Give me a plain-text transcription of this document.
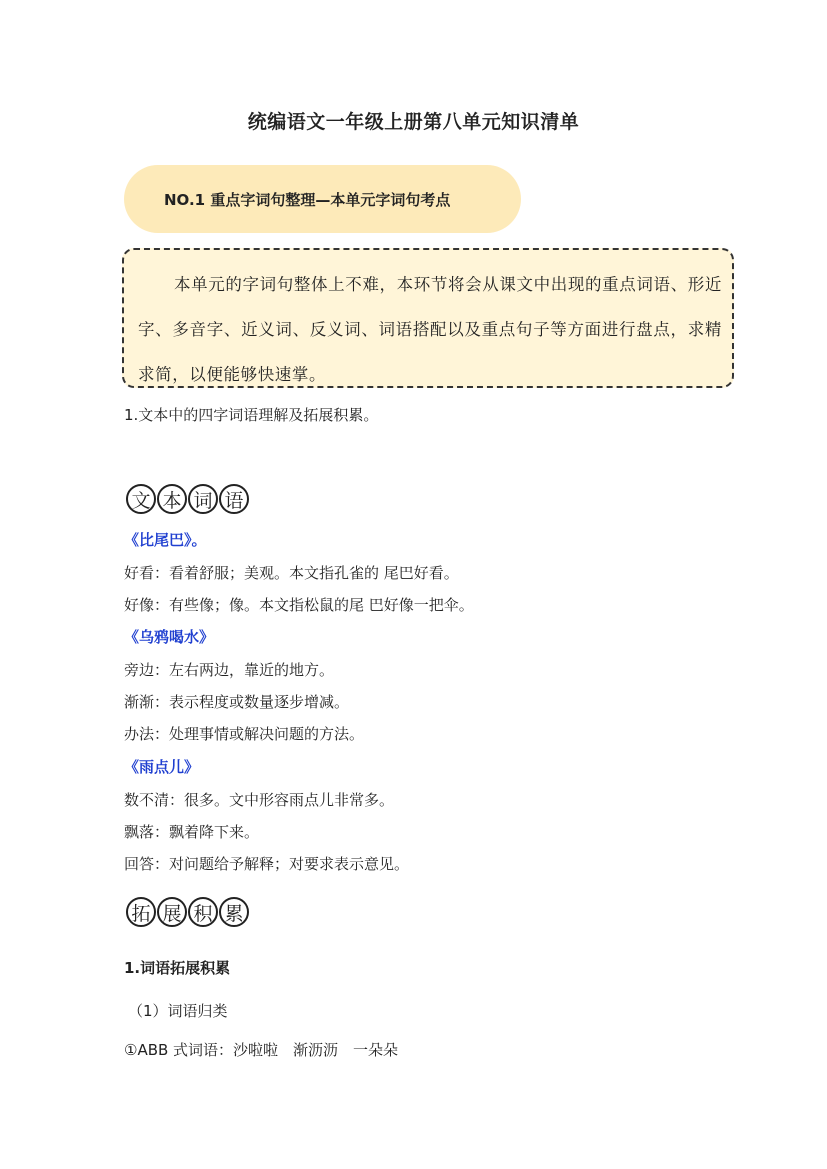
统编语文一年级上册第八单元知识清单
NO.1 重点字词句整理—本单元字词句考点
本单元的字词句整体上不难，本环节将会从课文中出现的重点词语、形近字、多音字、近义词、反义词、词语搭配以及重点句子等方面进行盘点，求精求简，以便能够快速掌。
1.文本中的四字词语理解及拓展积累。
文 本 词 语
《比尾巴》。
好看：看着舒服；美观。本文指孔雀的 尾巴好看。
好像：有些像；像。本文指松鼠的尾 巴好像一把伞。
《乌鸦喝水》
旁边：左右两边，靠近的地方。
渐渐：表示程度或数量逐步增减。
办法：处理事情或解决问题的方法。
《雨点儿》
数不清：很多。文中形容雨点儿非常多。
飘落：飘着降下来。
回答：对问题给予解释；对要求表示意见。
拓 展 积 累
1.词语拓展积累
（1）词语归类
①ABB 式词语：沙啦啦　渐沥沥　一朵朵
